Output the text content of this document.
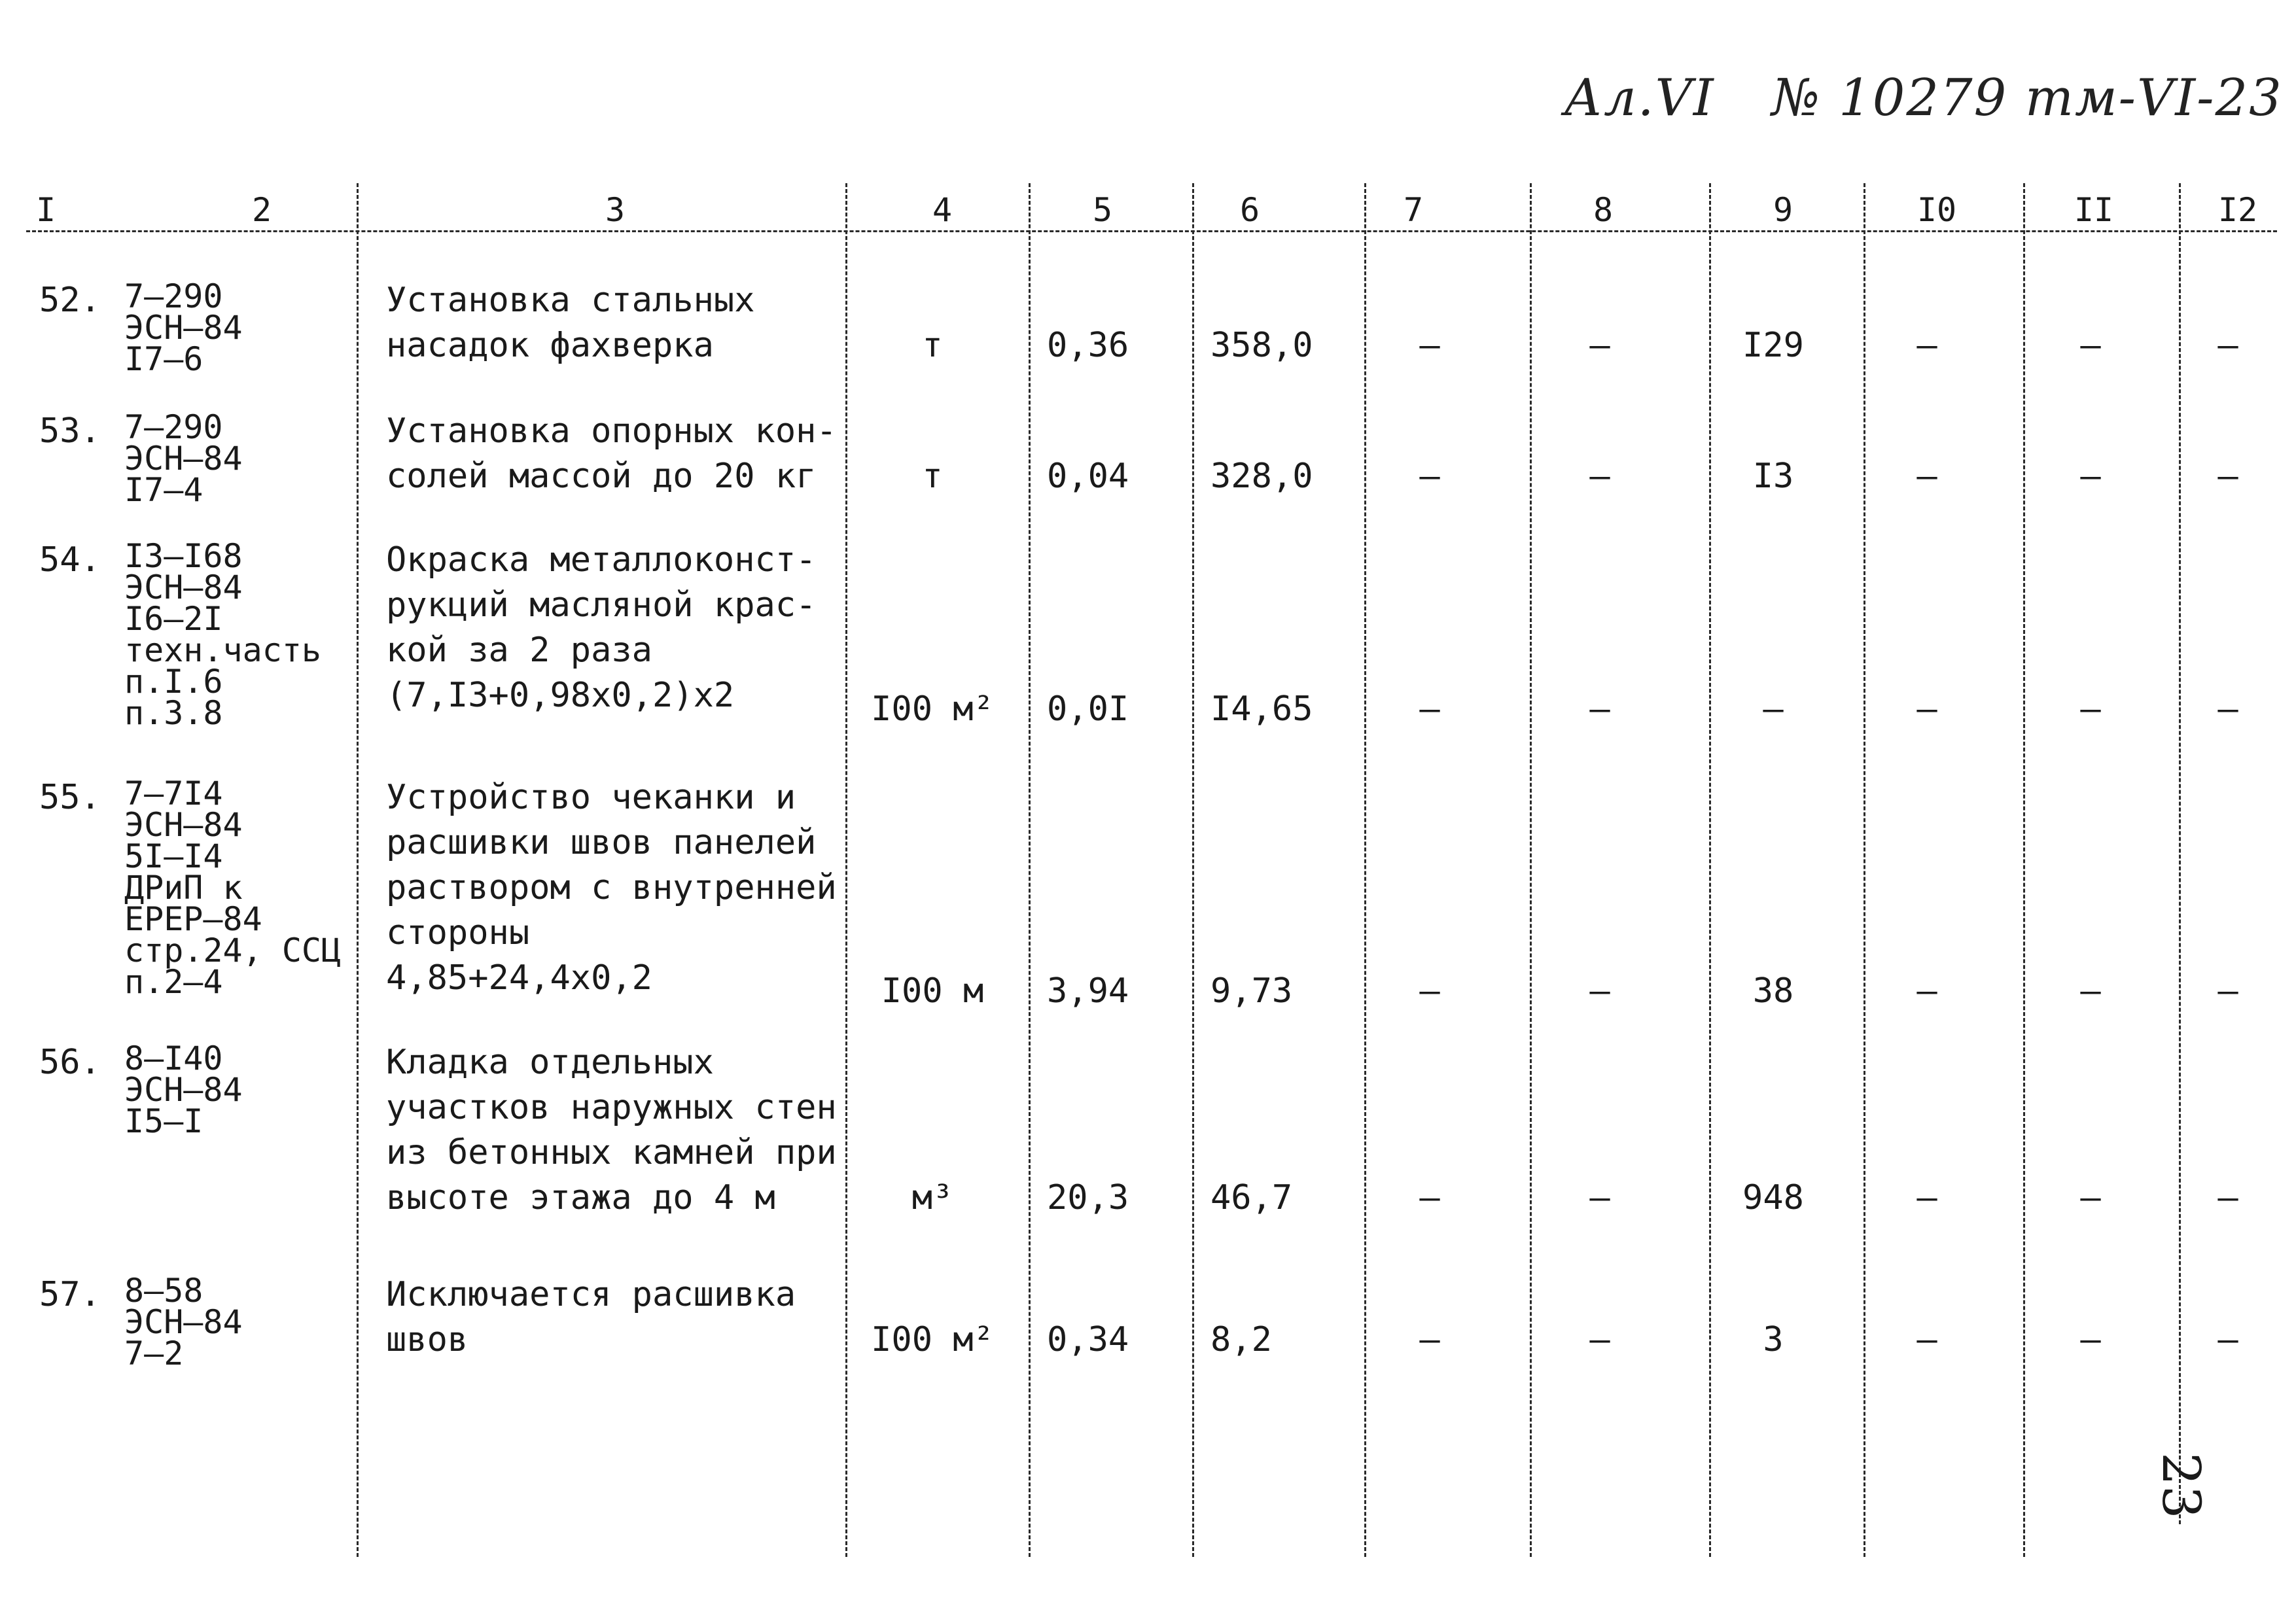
Ал.VI № 10279 тм-VI-23
I	2	3	4	5	6	7	8	9	I0	II	I2
52. 7–290
ЭСН–84
I7–6
Установка стальных
насадок фахверка	т	0,36 358,0	–	–	I29	–	–	–
53. 7–290
ЭСН–84
I7–4
Установка опорных кон-
солей массой до 20 кг	т	0,04 328,0	–	–	I3	–	–	–
54. I3–I68
ЭСН–84
I6–2I
техн.часть
п.I.6
п.3.8
Окраска металлоконст-
рукций масляной крас-
кой за 2 раза
(7,I3+0,98х0,2)х2	I00 м²	0,0I I4,65	–	–	–	–	–	–
55. 7–7I4
ЭСН–84
5I–I4
ДРиП к
ЕРЕР–84
стр.24, ССЦ
п.2–4
Устройство чеканки и
расшивки швов панелей
раствором с внутренней
стороны
4,85+24,4х0,2	I00 м	3,94 9,73	–	–	38	–	–	–
56. 8–I40
ЭСН–84
I5–I
Кладка отдельных
участков наружных стен
из бетонных камней при
высоте этажа до 4 м	м³	20,3 46,7	–	–	948	–	–	–
57. 8–58
ЭСН–84
7–2
Исключается расшивка
швов	I00 м²	0,34 8,2	–	–	3	–	–	–
23
